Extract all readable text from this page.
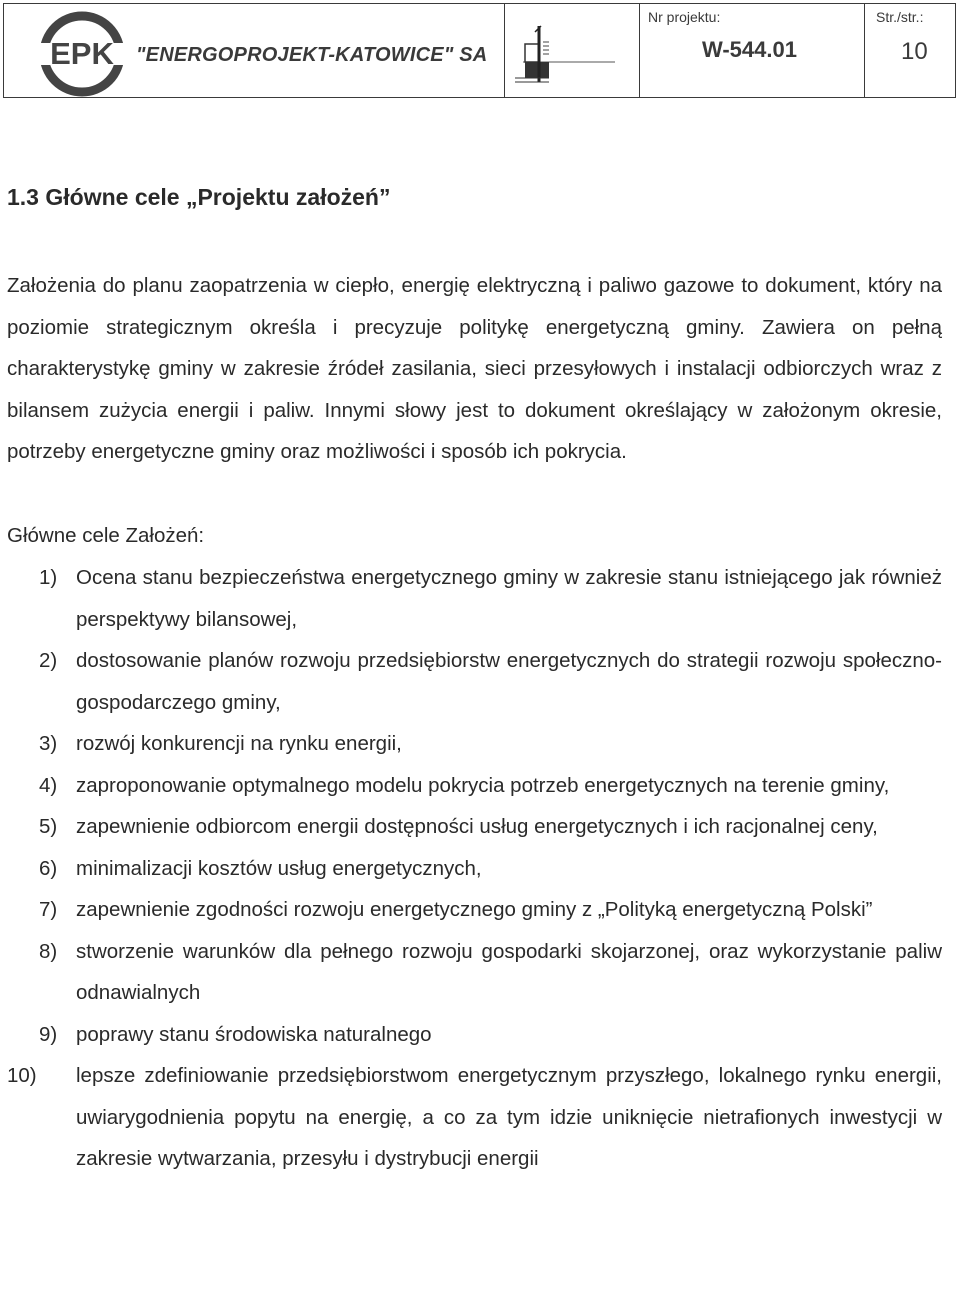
EPK "ENERGOPROJEKT-KATOWICE" SA
Nr projektu:
W-544.01
Str./str.:
10
1.3 Główne cele „Projektu założeń”

Założenia do planu zaopatrzenia w ciepło, energię elektryczną i paliwo gazowe to dokument, który na poziomie strategicznym określa i precyzuje politykę energetyczną gminy. Zawiera on pełną charakterystykę gminy w zakresie źródeł zasilania, sieci przesyłowych i instalacji odbiorczych wraz z bilansem zużycia energii i paliw. Innymi słowy jest to dokument określający w założonym okresie, potrzeby energetyczne gminy oraz możliwości i sposób ich pokrycia.

Główne cele Założeń:

1) Ocena stanu bezpieczeństwa energetycznego gminy w zakresie stanu istniejącego jak również perspektywy bilansowej,
2) dostosowanie planów rozwoju przedsiębiorstw energetycznych do strategii rozwoju społeczno-gospodarczego gminy,
3) rozwój konkurencji na rynku energii,
4) zaproponowanie optymalnego modelu pokrycia potrzeb energetycznych na terenie gminy,
5) zapewnienie odbiorcom energii dostępności usług energetycznych i ich racjonalnej ceny,
6) minimalizacji kosztów usług energetycznych,
7) zapewnienie zgodności rozwoju energetycznego gminy z „Polityką energetyczną Polski”
8) stworzenie warunków dla pełnego rozwoju gospodarki skojarzonej, oraz wykorzystanie paliw odnawialnych
9) poprawy stanu środowiska naturalnego
10) lepsze zdefiniowanie przedsiębiorstwom energetycznym przyszłego, lokalnego rynku energii, uwiarygodnienia popytu na energię, a co za tym idzie uniknięcie nietrafionych inwestycji w zakresie wytwarzania, przesyłu i dystrybucji energii
